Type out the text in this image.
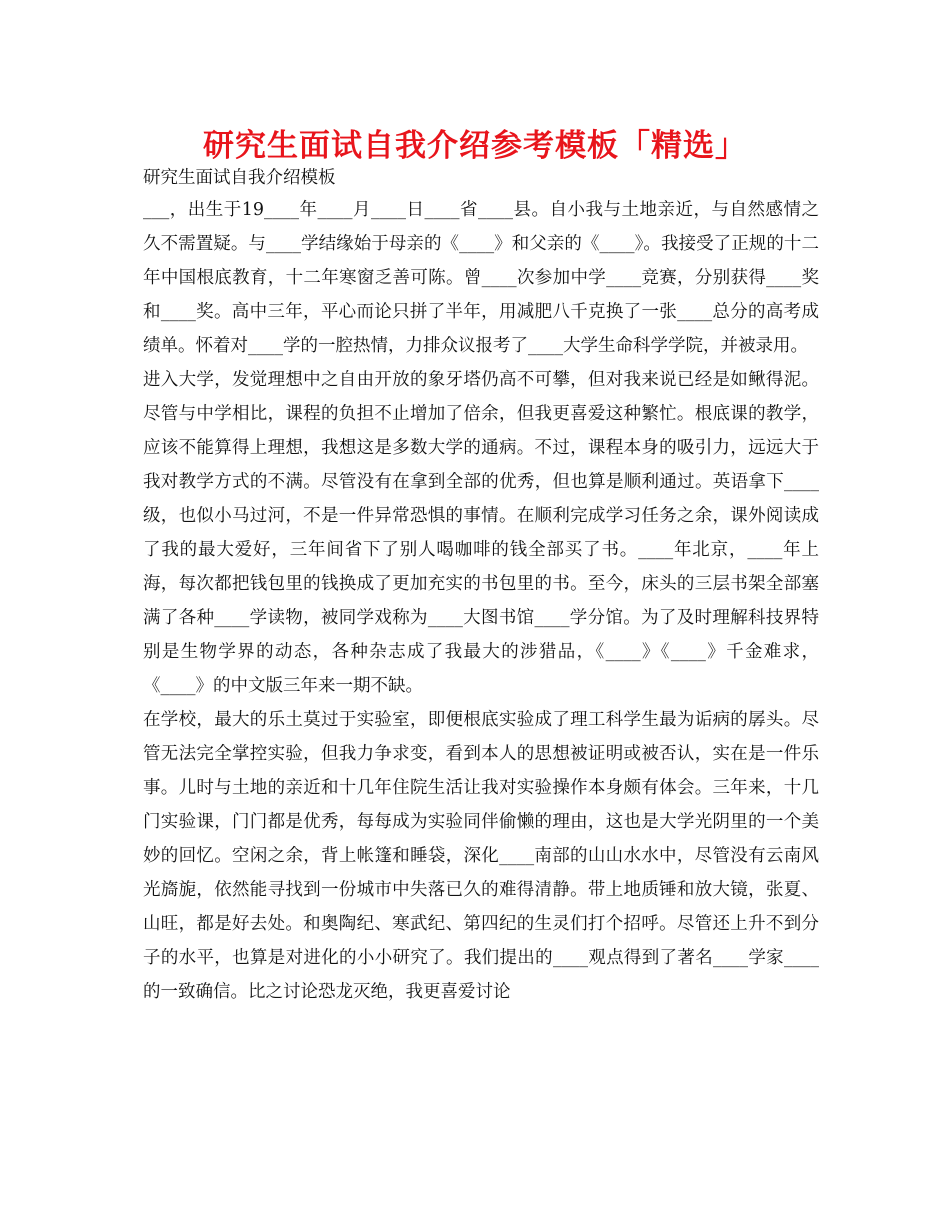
研究生面试自我介绍参考模板「精选」

研究生面试自我介绍模板

___，出生于19____年____月____日____省____县。自小我与土地亲近，与自然感情之久不需置疑。与____学结缘始于母亲的《____》和父亲的《____》。我接受了正规的十二年中国根底教育，十二年寒窗乏善可陈。曾____次参加中学____竞赛，分别获得____奖和____奖。高中三年，平心而论只拼了半年，用减肥八千克换了一张____总分的高考成绩单。怀着对____学的一腔热情，力排众议报考了____大学生命科学学院，并被录用。

进入大学，发觉理想中之自由开放的象牙塔仍高不可攀，但对我来说已经是如鳅得泥。尽管与中学相比，课程的负担不止增加了倍余，但我更喜爱这种繁忙。根底课的教学，应该不能算得上理想，我想这是多数大学的通病。不过，课程本身的吸引力，远远大于我对教学方式的不满。尽管没有在拿到全部的优秀，但也算是顺利通过。英语拿下____级，也似小马过河，不是一件异常恐惧的事情。在顺利完成学习任务之余，课外阅读成了我的最大爱好，三年间省下了别人喝咖啡的钱全部买了书。____年北京，____年上海，每次都把钱包里的钱换成了更加充实的书包里的书。至今，床头的三层书架全部塞满了各种____学读物，被同学戏称为____大图书馆____学分馆。为了及时理解科技界特别是生物学界的动态，各种杂志成了我最大的涉猎品，《____》《____》千金难求，《____》的中文版三年来一期不缺。

在学校，最大的乐土莫过于实验室，即便根底实验成了理工科学生最为诟病的孱头。尽管无法完全掌控实验，但我力争求变，看到本人的思想被证明或被否认，实在是一件乐事。儿时与土地的亲近和十几年住院生活让我对实验操作本身颇有体会。三年来，十几门实验课，门门都是优秀，每每成为实验同伴偷懒的理由，这也是大学光阴里的一个美妙的回忆。空闲之余，背上帐篷和睡袋，深化____南部的山山水水中，尽管没有云南风光旖旎，依然能寻找到一份城市中失落已久的难得清静。带上地质锤和放大镜，张夏、山旺，都是好去处。和奥陶纪、寒武纪、第四纪的生灵们打个招呼。尽管还上升不到分子的水平，也算是对进化的小小研究了。我们提出的____观点得到了著名____学家____的一致确信。比之讨论恐龙灭绝，我更喜爱讨论
